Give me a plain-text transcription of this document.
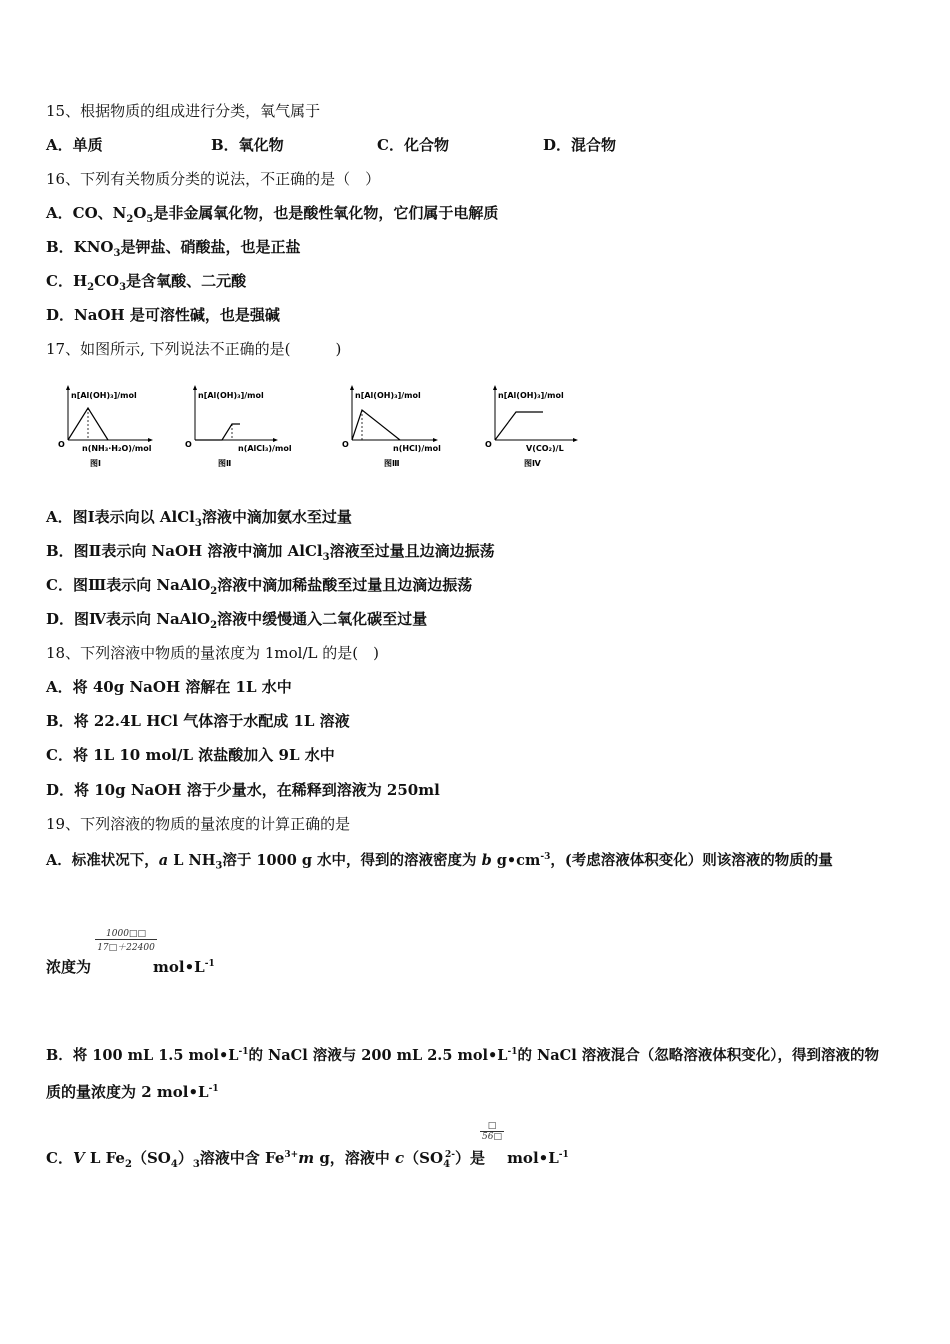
15、根据物质的组成进行分类，氧气属于
A．单质	B．氧化物	C．化合物	D．混合物
16、下列有关物质分类的说法，不正确的是（　）
A．CO、$N_2O_5$是非金属氧化物，也是酸性氧化物，它们属于电解质
B．$KNO_3$是钾盐、硝酸盐，也是正盐
C．$H_2CO_3$是含氧酸、二元酸
D．NaOH 是可溶性碱，也是强碱
17、如图所示, 下列说法不正确的是(　　　)
n[Al(OH)₃]/mol
n(NH₃·H₂O)/mol
O
图Ⅰ
n[Al(OH)₃]/mol
n(AlCl₃)/mol
O
图Ⅱ
n[Al(OH)₃]/mol
n(HCl)/mol
O
图Ⅲ
n[Al(OH)₃]/mol
V(CO₂)/L
O
图Ⅳ
A．图Ⅰ表示向以 AlCl$_3$溶液中滴加氨水至过量
B．图Ⅱ表示向 NaOH 溶液中滴加 AlCl$_3$溶液至过量且边滴边振荡
C．图Ⅲ表示向 NaAlO$_2$溶液中滴加稀盐酸至过量且边滴边振荡
D．图Ⅳ表示向 NaAlO$_2$溶液中缓慢通入二氧化碳至过量
18、下列溶液中物质的量浓度为 1mol/L 的是(　)
A．将 40g NaOH 溶解在 1L 水中
B．将 22.4L HCl 气体溶于水配成 1L 溶液
C．将 1L 10 mol/L 浓盐酸加入 9L 水中
D．将 10g NaOH 溶于少量水，在稀释到溶液为 250ml
19、下列溶液的物质的量浓度的计算正确的是
A．标准状况下，a L $NH_3$溶于 1000 g 水中，得到的溶液密度为 b $g•cm^{-3}$，(考虑溶液体积变化）则该溶液的物质的量
浓度为	$mol•L^{-1}$
$\frac{1000□□}{17□+22400}$
B．将 100 mL 1.5 $mol•L^{-1}$的 NaCl 溶液与 200 mL 2.5 $mol•L^{-1}$的 NaCl 溶液混合（忽略溶液体积变化），得到溶液的物
质的量浓度为 2 $mol•L^{-1}$
C．V L $Fe_2(SO_4)_3$溶液中含 $Fe^{3+}m$ g，溶液中 $c(SO_4^{2-})$是 $mol•L^{-1}$
□
56□
